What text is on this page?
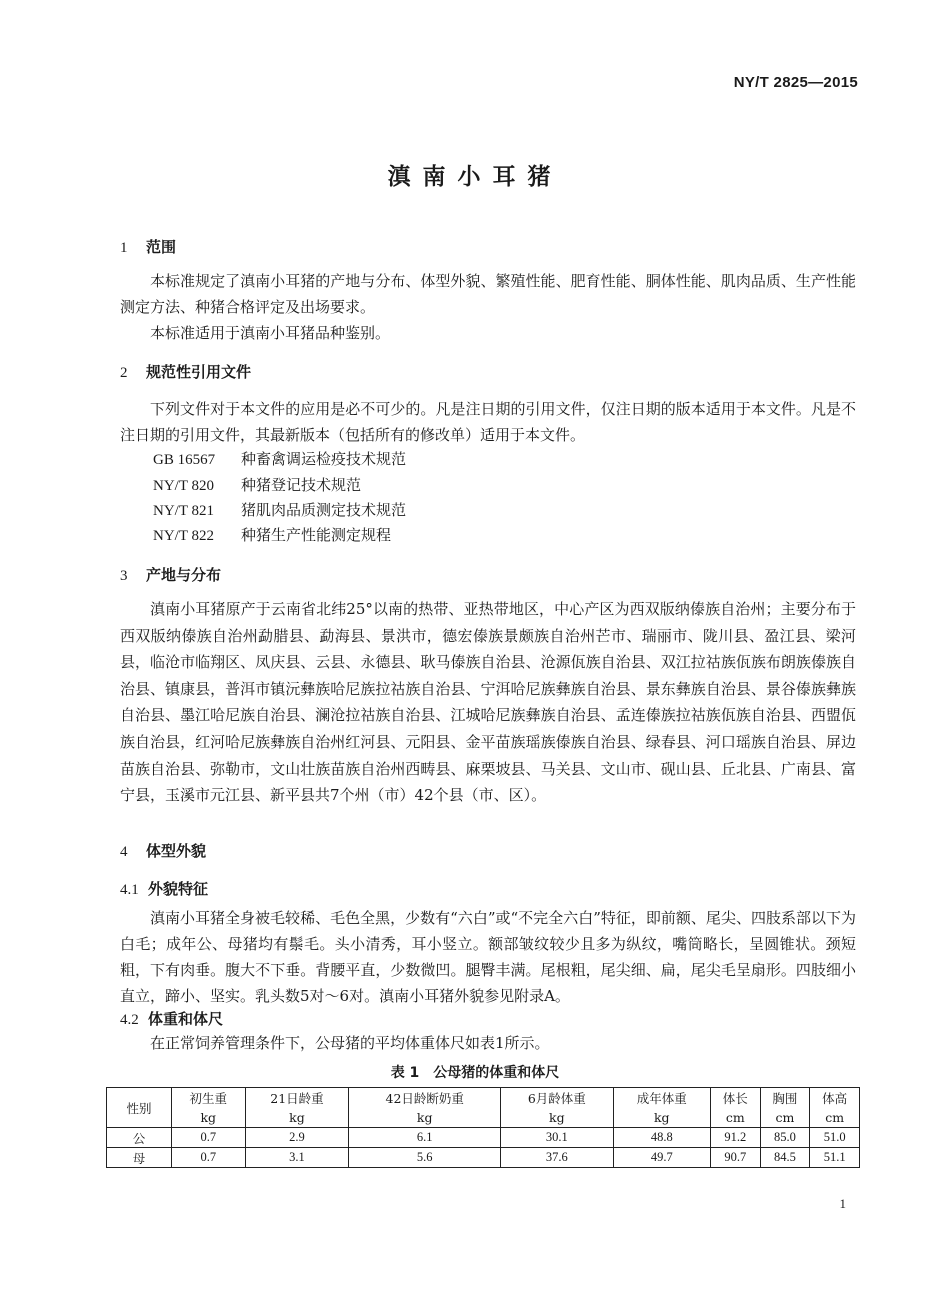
NY/T 2825—2015
滇南小耳猪
1 范围
本标准规定了滇南小耳猪的产地与分布、体型外貌、繁殖性能、肥育性能、胴体性能、肌肉品质、生产性能测定方法、种猪合格评定及出场要求。
本标准适用于滇南小耳猪品种鉴别。
2 规范性引用文件
下列文件对于本文件的应用是必不可少的。凡是注日期的引用文件，仅注日期的版本适用于本文件。凡是不注日期的引用文件，其最新版本（包括所有的修改单）适用于本文件。
GB 16567 种畜禽调运检疫技术规范
NY/T 820 种猪登记技术规范
NY/T 821 猪肌肉品质测定技术规范
NY/T 822 种猪生产性能测定规程
3 产地与分布
滇南小耳猪原产于云南省北纬25°以南的热带、亚热带地区，中心产区为西双版纳傣族自治州；主要分布于西双版纳傣族自治州勐腊县、勐海县、景洪市，德宏傣族景颇族自治州芒市、瑞丽市、陇川县、盈江县、梁河县，临沧市临翔区、凤庆县、云县、永德县、耿马傣族自治县、沧源佤族自治县、双江拉祜族佤族布朗族傣族自治县、镇康县，普洱市镇沅彝族哈尼族拉祜族自治县、宁洱哈尼族彝族自治县、景东彝族自治县、景谷傣族彝族自治县、墨江哈尼族自治县、澜沧拉祜族自治县、江城哈尼族彝族自治县、孟连傣族拉祜族佤族自治县、西盟佤族自治县，红河哈尼族彝族自治州红河县、元阳县、金平苗族瑶族傣族自治县、绿春县、河口瑶族自治县、屏边苗族自治县、弥勒市，文山壮族苗族自治州西畴县、麻栗坡县、马关县、文山市、砚山县、丘北县、广南县、富宁县，玉溪市元江县、新平县共7个州（市）42个县（市、区）。
4 体型外貌
4.1 外貌特征
滇南小耳猪全身被毛较稀、毛色全黑，少数有“六白”或“不完全六白”特征，即前额、尾尖、四肢系部以下为白毛；成年公、母猪均有鬃毛。头小清秀，耳小竖立。额部皱纹较少且多为纵纹，嘴筒略长，呈圆锥状。颈短粗，下有肉垂。腹大不下垂。背腰平直，少数微凹。腿臀丰满。尾根粗，尾尖细、扁，尾尖毛呈扇形。四肢细小直立，蹄小、坚实。乳头数5对～6对。滇南小耳猪外貌参见附录A。
4.2 体重和体尺
在正常饲养管理条件下，公母猪的平均体重体尺如表1所示。
表 1　公母猪的体重和体尺
性别	初生重	21日龄重	42日龄断奶重	6月龄体重	成年体重	体长	胸围	体高
	kg	kg	kg	kg	kg	cm	cm	cm
公	0.7	2.9	6.1	30.1	48.8	91.2	85.0	51.0
母	0.7	3.1	5.6	37.6	49.7	90.7	84.5	51.1
1
